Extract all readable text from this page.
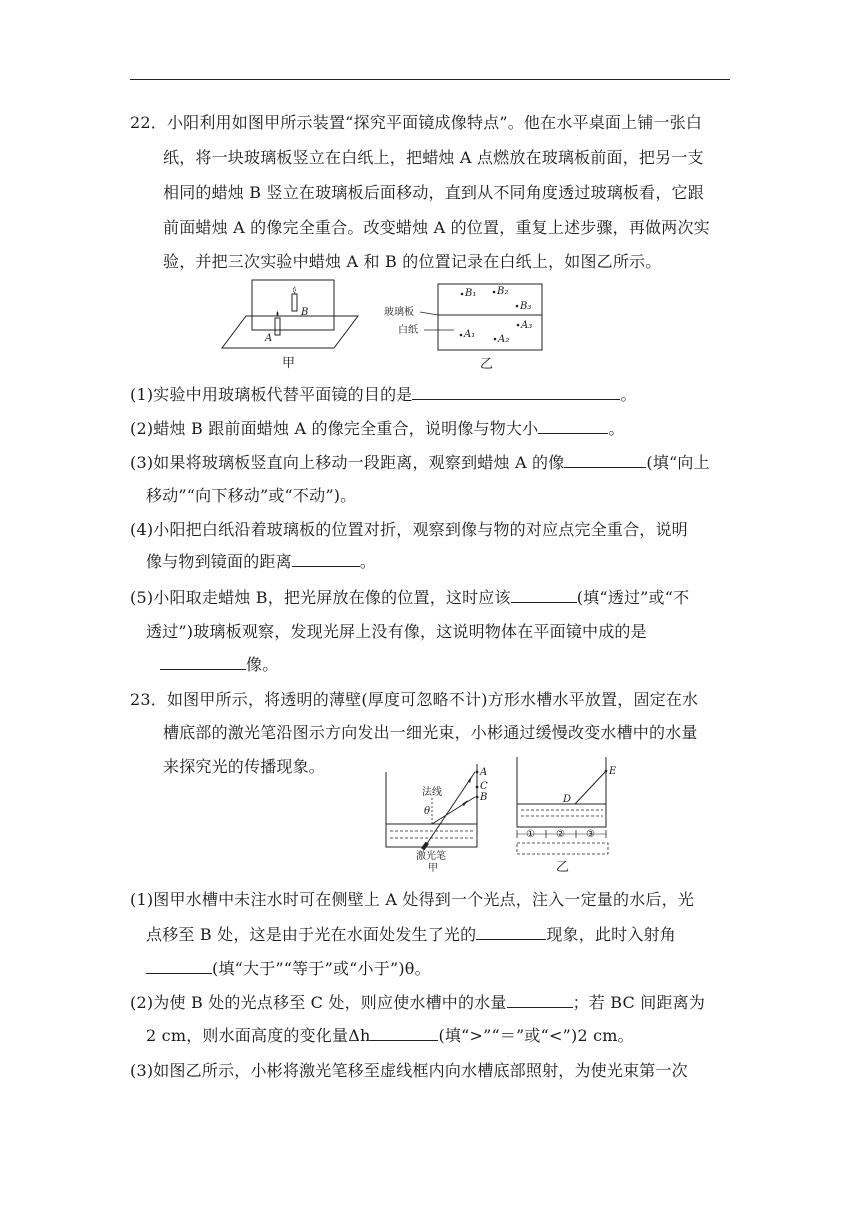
22．小阳利用如图甲所示装置“探究平面镜成像特点”。他在水平桌面上铺一张白
纸，将一块玻璃板竖立在白纸上，把蜡烛 A 点燃放在玻璃板前面，把另一支
相同的蜡烛 B 竖立在玻璃板后面移动，直到从不同角度透过玻璃板看，它跟
前面蜡烛 A 的像完全重合。改变蜡烛 A 的位置，重复上述步骤，再做两次实
验，并把三次实验中蜡烛 A 和 B 的位置记录在白纸上，如图乙所示。
A
B
甲
B₁ B₂
B₃
A₃
A₁ A₂
玻璃板
白纸
乙
(1)实验中用玻璃板代替平面镜的目的是	。
(2)蜡烛 B 跟前面蜡烛 A 的像完全重合，说明像与物大小	。
(3)如果将玻璃板竖直向上移动一段距离，观察到蜡烛 A 的像	(填“向上
移动”“向下移动”或“不动”)。
(4)小阳把白纸沿着玻璃板的位置对折，观察到像与物的对应点完全重合，说明
像与物到镜面的距离	。
(5)小阳取走蜡烛 B，把光屏放在像的位置，这时应该	(填“透过”或“不
透过”)玻璃板观察，发现光屏上没有像，这说明物体在平面镜中成的是
像。
23．如图甲所示，将透明的薄壁(厚度可忽略不计)方形水槽水平放置，固定在水
槽底部的激光笔沿图示方向发出一细光束，小彬通过缓慢改变水槽中的水量
来探究光的传播现象。	A
C
B
θ
法线
激光笔
甲
D
E
① ② ③
乙
(1)图甲水槽中未注水时可在侧壁上 A 处得到一个光点，注入一定量的水后，光
点移至 B 处，这是由于光在水面处发生了光的	现象，此时入射角
(填“大于”“等于”或“小于”)θ。
(2)为使 B 处的光点移至 C 处，则应使水槽中的水量	；若 BC 间距离为
2 cm，则水面高度的变化量Δh	(填“>”“＝”或“<”)2 cm。
(3)如图乙所示，小彬将激光笔移至虚线框内向水槽底部照射，为使光束第一次
